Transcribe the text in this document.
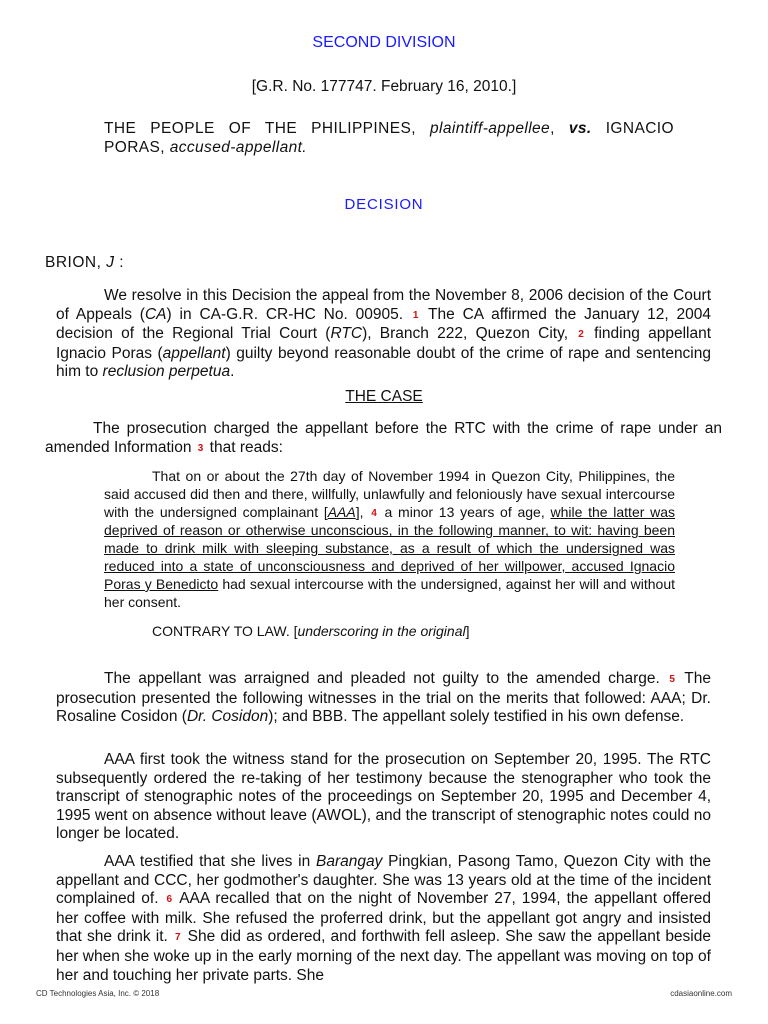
SECOND DIVISION
[G.R. No. 177747. February 16, 2010.]
THE PEOPLE OF THE PHILIPPINES, plaintiff-appellee, vs. IGNACIO PORAS, accused-appellant.
DECISION
BRION, J :

We resolve in this Decision the appeal from the November 8, 2006 decision of the Court of Appeals (CA) in CA-G.R. CR-HC No. 00905. 1 The CA affirmed the January 12, 2004 decision of the Regional Trial Court (RTC), Branch 222, Quezon City, 2 finding appellant Ignacio Poras (appellant) guilty beyond reasonable doubt of the crime of rape and sentencing him to reclusion perpetua.

THE CASE

The prosecution charged the appellant before the RTC with the crime of rape under an amended Information 3 that reads:

That on or about the 27th day of November 1994 in Quezon City, Philippines, the said accused did then and there, willfully, unlawfully and feloniously have sexual intercourse with the undersigned complainant [AAA], 4 a minor 13 years of age, while the latter was deprived of reason or otherwise unconscious, in the following manner, to wit: having been made to drink milk with sleeping substance, as a result of which the undersigned was reduced into a state of unconsciousness and deprived of her willpower, accused Ignacio Poras y Benedicto had sexual intercourse with the undersigned, against her will and without her consent.

CONTRARY TO LAW. [underscoring in the original]

The appellant was arraigned and pleaded not guilty to the amended charge. 5 The prosecution presented the following witnesses in the trial on the merits that followed: AAA; Dr. Rosaline Cosidon (Dr. Cosidon); and BBB. The appellant solely testified in his own defense.

AAA first took the witness stand for the prosecution on September 20, 1995. The RTC subsequently ordered the re-taking of her testimony because the stenographer who took the transcript of stenographic notes of the proceedings on September 20, 1995 and December 4, 1995 went on absence without leave (AWOL), and the transcript of stenographic notes could no longer be located.

AAA testified that she lives in Barangay Pingkian, Pasong Tamo, Quezon City with the appellant and CCC, her godmother's daughter. She was 13 years old at the time of the incident complained of. 6 AAA recalled that on the night of November 27, 1994, the appellant offered her coffee with milk. She refused the proferred drink, but the appellant got angry and insisted that she drink it. 7 She did as ordered, and forthwith fell asleep. She saw the appellant beside her when she woke up in the early morning of the next day. The appellant was moving on top of her and touching her private parts. She

CD Technologies Asia, Inc. © 2018	cdasiaonline.com
